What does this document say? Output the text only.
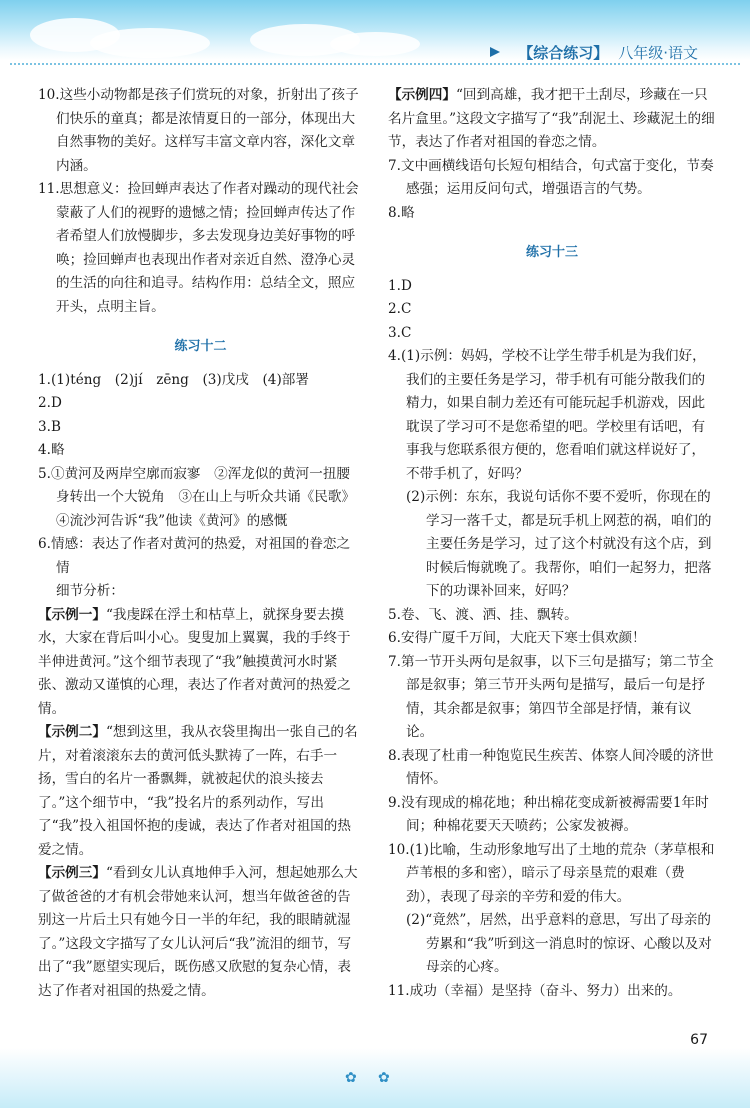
【综合练习】 八年级·语文

10.这些小动物都是孩子们赏玩的对象，折射出了孩子们快乐的童真；都是浓情夏日的一部分，体现出大自然事物的美好。这样写丰富文章内容，深化文章内涵。

11.思想意义：捡回蝉声表达了作者对躁动的现代社会蒙蔽了人们的视野的遗憾之情；捡回蝉声传达了作者希望人们放慢脚步，多去发现身边美好事物的呼唤；捡回蝉声也表现出作者对亲近自然、澄净心灵的生活的向往和追寻。结构作用：总结全文，照应开头，点明主旨。

练习十二

1.(1)téng　(2)jí　zēng　(3)戊戌　(4)部署

2.D

3.B

4.略

5.①黄河及两岸空廓而寂寥　②浑龙似的黄河一扭腰身转出一个大锐角　③在山上与听众共诵《民歌》　④流沙河告诉“我”他读《黄河》的感慨

6.情感：表达了作者对黄河的热爱，对祖国的眷恋之情

细节分析：

【示例一】“我虔踩在浮土和枯草上，就探身要去摸水，大家在背后叫小心。叟叟加上翼翼，我的手终于半伸进黄河。”这个细节表现了“我”触摸黄河水时紧张、激动又谨慎的心理，表达了作者对黄河的热爱之情。

【示例二】“想到这里，我从衣袋里掏出一张自己的名片，对着滚滚东去的黄河低头默祷了一阵，右手一扬，雪白的名片一番飘舞，就被起伏的浪头接去了。”这个细节中，“我”投名片的系列动作，写出了“我”投入祖国怀抱的虔诚，表达了作者对祖国的热爱之情。

【示例三】“看到女儿认真地伸手入河，想起她那么大了做爸爸的才有机会带她来认河，想当年做爸爸的告别这一片后土只有她今日一半的年纪，我的眼睛就湿了。”这段文字描写了女儿认河后“我”流泪的细节，写出了“我”愿望实现后，既伤感又欣慰的复杂心情，表达了作者对祖国的热爱之情。

【示例四】“回到高雄，我才把干土刮尽，珍藏在一只名片盒里。”这段文字描写了“我”刮泥土、珍藏泥土的细节，表达了作者对祖国的眷恋之情。

7.文中画横线语句长短句相结合，句式富于变化，节奏感强；运用反问句式，增强语言的气势。

8.略

练习十三

1.D

2.C

3.C

4.(1)示例：妈妈，学校不让学生带手机是为我们好，我们的主要任务是学习，带手机有可能分散我们的精力，如果自制力差还有可能玩起手机游戏，因此耽误了学习可不是您希望的吧。学校里有话吧，有事我与您联系很方便的，您看咱们就这样说好了，不带手机了，好吗？

(2)示例：东东，我说句话你不要不爱听，你现在的学习一落千丈，都是玩手机上网惹的祸，咱们的主要任务是学习，过了这个村就没有这个店，到时候后悔就晚了。我帮你，咱们一起努力，把落下的功课补回来，好吗？

5.卷、飞、渡、洒、挂、飘转。

6.安得广厦千万间，大庇天下寒士俱欢颜！

7.第一节开头两句是叙事，以下三句是描写；第二节全部是叙事；第三节开头两句是描写，最后一句是抒情，其余都是叙事；第四节全部是抒情，兼有议论。

8.表现了杜甫一种饱览民生疾苦、体察人间冷暖的济世情怀。

9.没有现成的棉花地；种出棉花变成新被褥需要1年时间；种棉花要天天喷药；公家发被褥。

10.(1)比喻，生动形象地写出了土地的荒杂（茅草根和芦苇根的多和密），暗示了母亲垦荒的艰难（费劲），表现了母亲的辛劳和爱的伟大。

(2)“竟然”，居然，出乎意料的意思，写出了母亲的劳累和“我”听到这一消息时的惊讶、心酸以及对母亲的心疼。

11.成功（幸福）是坚持（奋斗、努力）出来的。

67
✿ ✿
